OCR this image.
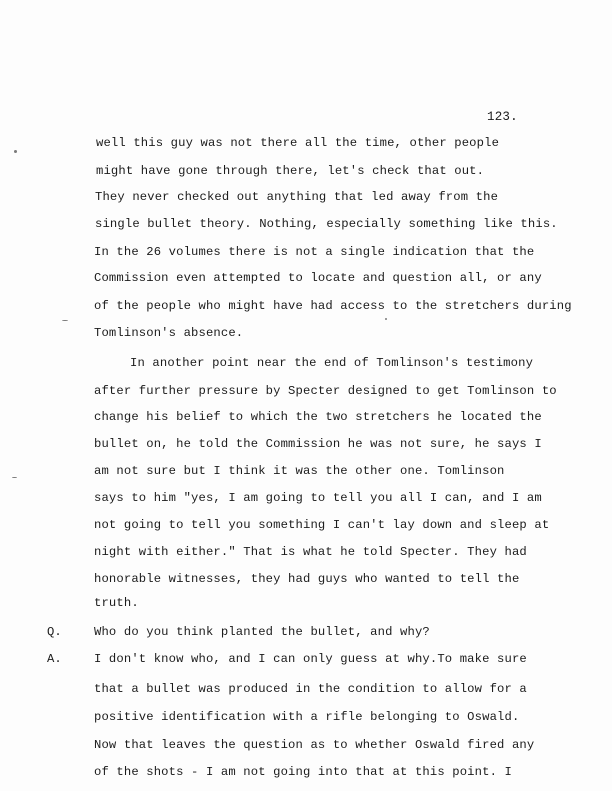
123.
well this guy was not there all the time, other people
might have gone through there, let's check that out.
They never checked out anything that led away from the
single bullet theory. Nothing, especially something like this.
In the 26 volumes there is not a single indication that the
Commission even attempted to locate and question all, or any
of the people who might have had access to the stretchers during
Tomlinson's absence.
In another point near the end of Tomlinson's testimony
after further pressure by Specter designed to get Tomlinson to
change his belief to which the two stretchers he located the
bullet on, he told the Commission he was not sure, he says I
am not sure but I think it was the other one. Tomlinson
says to him "yes, I am going to tell you all I can, and I am
not going to tell you something I can't lay down and sleep at
night with either." That is what he told Specter. They had
honorable witnesses, they had guys who wanted to tell the
truth.
Q.	Who do you think planted the bullet, and why?
A.	I don't know who, and I can only guess at why.To make sure
that a bullet was produced in the condition to allow for a
positive identification with a rifle belonging to Oswald.
Now that leaves the question as to whether Oswald fired any
of the shots - I am not going into that at this point. I
